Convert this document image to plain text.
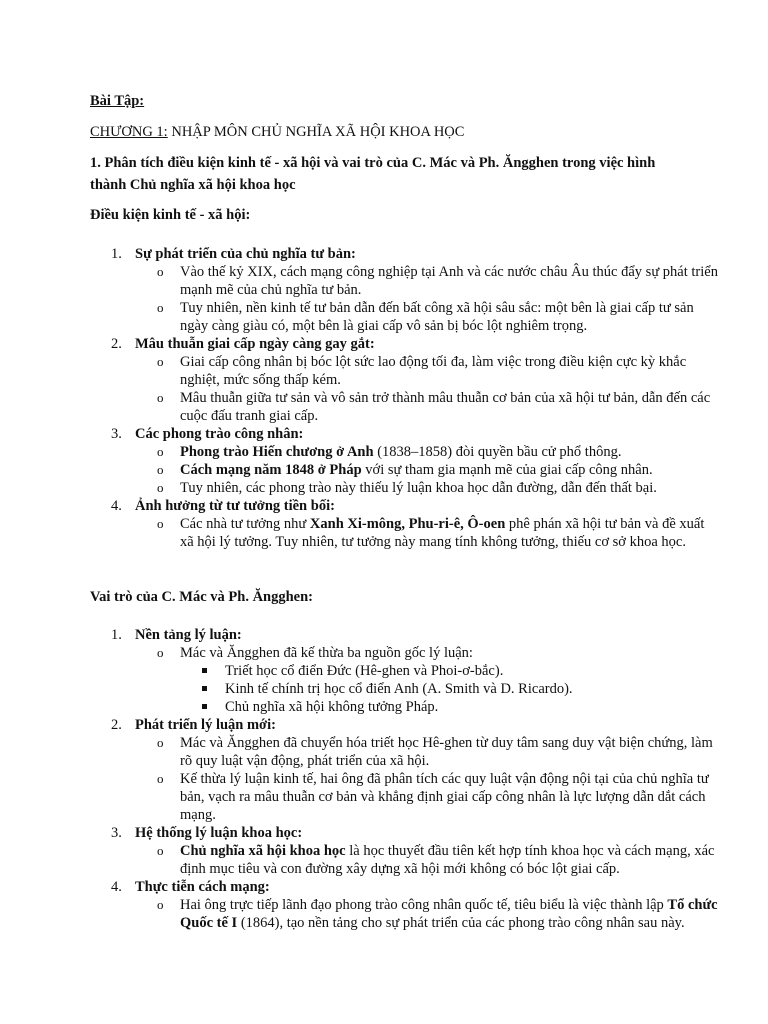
Bài Tập:
CHƯƠNG 1: NHẬP MÔN CHỦ NGHĨA XÃ HỘI KHOA HỌC
1. Phân tích điều kiện kinh tế - xã hội và vai trò của C. Mác và Ph. Ăngghen trong việc hình
thành Chủ nghĩa xã hội khoa học
Điều kiện kinh tế - xã hội:
1. Sự phát triển của chủ nghĩa tư bản:
o Vào thế kỷ XIX, cách mạng công nghiệp tại Anh và các nước châu Âu thúc đẩy sự phát triển mạnh mẽ của chủ nghĩa tư bản.
o Tuy nhiên, nền kinh tế tư bản dẫn đến bất công xã hội sâu sắc: một bên là giai cấp tư sản ngày càng giàu có, một bên là giai cấp vô sản bị bóc lột nghiêm trọng.
2. Mâu thuẫn giai cấp ngày càng gay gắt:
o Giai cấp công nhân bị bóc lột sức lao động tối đa, làm việc trong điều kiện cực kỳ khắc nghiệt, mức sống thấp kém.
o Mâu thuẫn giữa tư sản và vô sản trở thành mâu thuẫn cơ bản của xã hội tư bản, dẫn đến các cuộc đấu tranh giai cấp.
3. Các phong trào công nhân:
o Phong trào Hiến chương ở Anh (1838–1858) đòi quyền bầu cử phổ thông.
o Cách mạng năm 1848 ở Pháp với sự tham gia mạnh mẽ của giai cấp công nhân.
o Tuy nhiên, các phong trào này thiếu lý luận khoa học dẫn đường, dẫn đến thất bại.
4. Ảnh hưởng từ tư tưởng tiền bối:
o Các nhà tư tưởng như Xanh Xi-mông, Phu-ri-ê, Ô-oen phê phán xã hội tư bản và đề xuất xã hội lý tưởng. Tuy nhiên, tư tưởng này mang tính không tưởng, thiếu cơ sở khoa học.
Vai trò của C. Mác và Ph. Ăngghen:
1. Nền tảng lý luận:
o Mác và Ăngghen đã kế thừa ba nguồn gốc lý luận:
Triết học cổ điển Đức (Hê-ghen và Phoi-ơ-bắc).
Kinh tế chính trị học cổ điển Anh (A. Smith và D. Ricardo).
Chủ nghĩa xã hội không tưởng Pháp.
2. Phát triển lý luận mới:
o Mác và Ăngghen đã chuyển hóa triết học Hê-ghen từ duy tâm sang duy vật biện chứng, làm rõ quy luật vận động, phát triển của xã hội.
o Kế thừa lý luận kinh tế, hai ông đã phân tích các quy luật vận động nội tại của chủ nghĩa tư bản, vạch ra mâu thuẫn cơ bản và khẳng định giai cấp công nhân là lực lượng dẫn dắt cách mạng.
3. Hệ thống lý luận khoa học:
o Chủ nghĩa xã hội khoa học là học thuyết đầu tiên kết hợp tính khoa học và cách mạng, xác định mục tiêu và con đường xây dựng xã hội mới không có bóc lột giai cấp.
4. Thực tiễn cách mạng:
o Hai ông trực tiếp lãnh đạo phong trào công nhân quốc tế, tiêu biểu là việc thành lập Tổ chức Quốc tế I (1864), tạo nền tảng cho sự phát triển của các phong trào công nhân sau này.
